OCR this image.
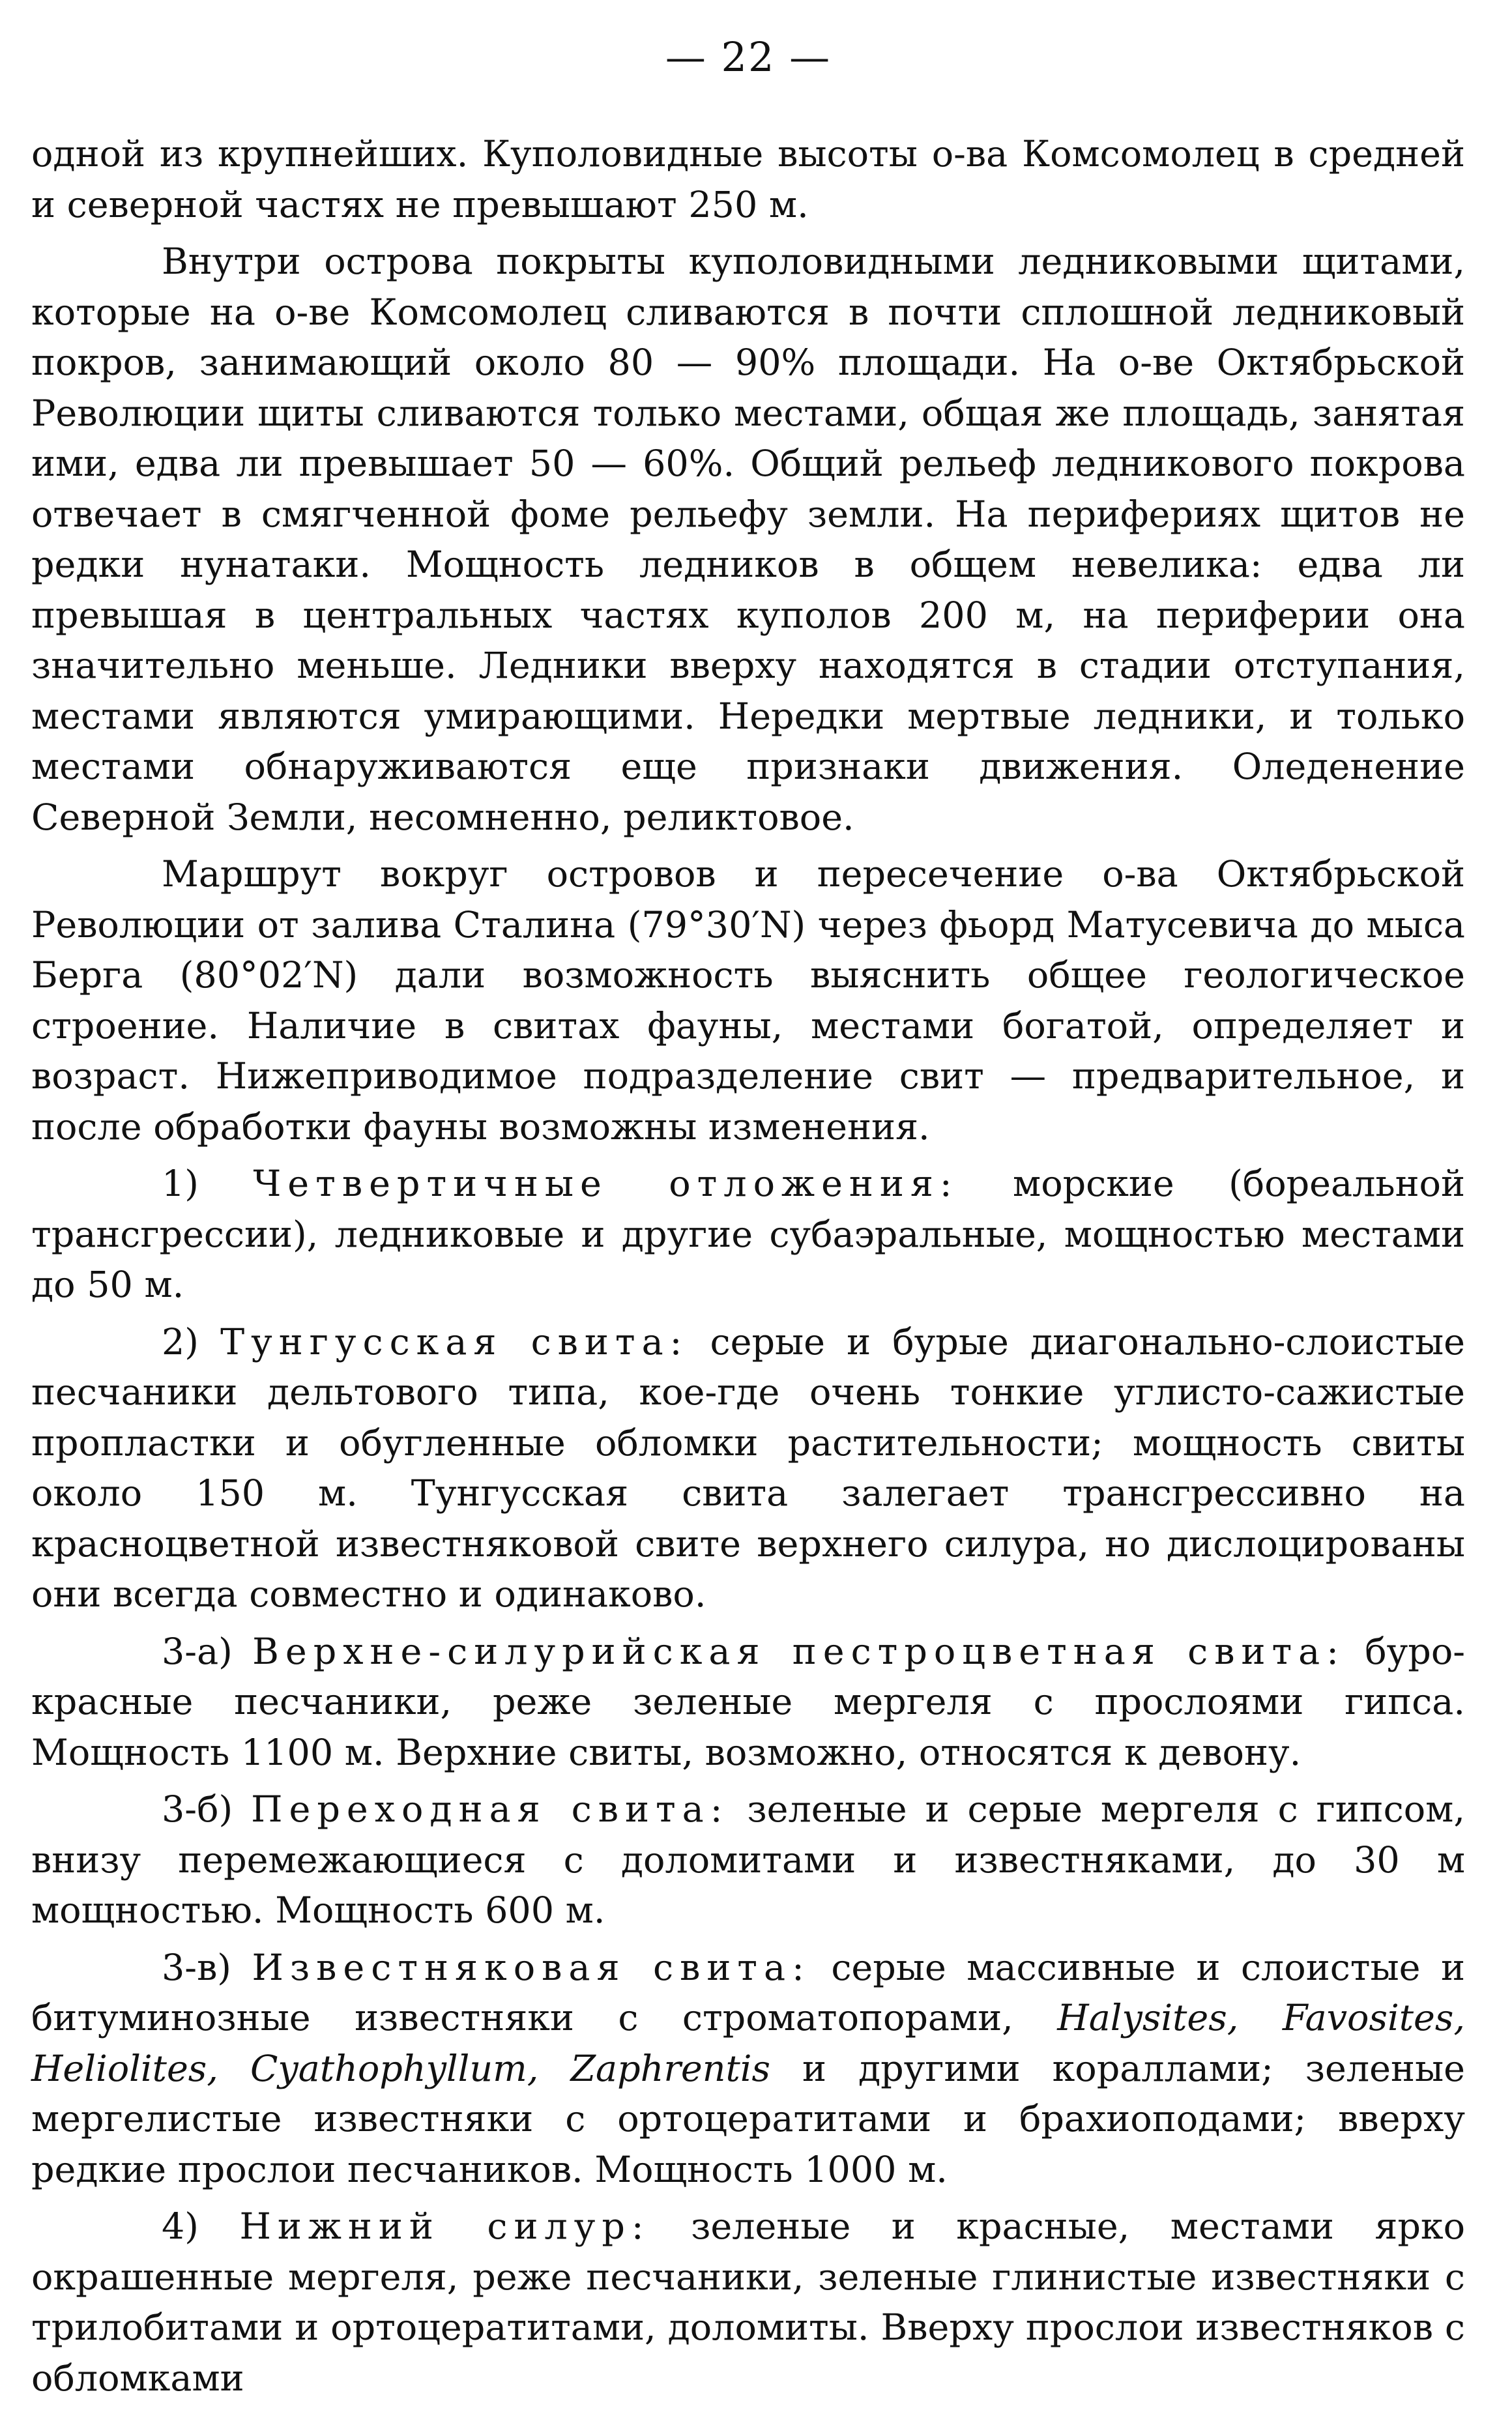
— 22 —

одной из крупнейших. Куполовидные высоты о-ва Комсомолец в средней и северной частях не превышают 250 м.

Внутри острова покрыты куполовидными ледниковыми щитами, которые на о-ве Комсомолец сливаются в почти сплошной ледниковый покров, занимающий около 80 — 90% площади. На о-ве Октябрьской Революции щиты сливаются только местами, общая же площадь, занятая ими, едва ли превышает 50 — 60%. Общий рельеф ледникового покрова отвечает в смягченной фоме рельефу земли. На перифериях щитов не редки нунатаки. Мощность ледников в общем невелика: едва ли превышая в центральных частях куполов 200 м, на периферии она значительно меньше. Ледники вверху находятся в стадии отступания, местами являются умирающими. Нередки мертвые ледники, и только местами обнаруживаются еще признаки движения. Оледенение Северной Земли, несомненно, реликтовое.

Маршрут вокруг островов и пересечение о-ва Октябрьской Революции от залива Сталина (79°30′N) через фьорд Матусевича до мыса Берга (80°02′N) дали возможность выяснить общее геологическое строение. Наличие в свитах фауны, местами богатой, определяет и возраст. Нижеприводимое подразделение свит — предварительное, и после обработки фауны возможны изменения.

1) Четвертичные отложения: морские (бореальной трансгрессии), ледниковые и другие субаэральные, мощностью местами до 50 м.

2) Тунгусская свита: серые и бурые диагонально-слоистые песчаники дельтового типа, кое-где очень тонкие углисто-сажистые пропластки и обугленные обломки растительности; мощность свиты около 150 м. Тунгусская свита залегает трансгрессивно на красноцветной известняковой свите верхнего силура, но дислоцированы они всегда совместно и одинаково.

3-а) Верхне-силурийская пестроцветная свита: буро-красные песчаники, реже зеленые мергеля с прослоями гипса. Мощность 1100 м. Верхние свиты, возможно, относятся к девону.

3-б) Переходная свита: зеленые и серые мергеля с гипсом, внизу перемежающиеся с доломитами и известняками, до 30 м мощностью. Мощность 600 м.

3-в) Известняковая свита: серые массивные и слоистые и битуминозные известняки с строматопорами, Halysites, Favosites, Heliolites, Cyathophyllum, Zaphrentis и другими кораллами; зеленые мергелистые известняки с ортоцератитами и брахиоподами; вверху редкие прослои песчаников. Мощность 1000 м.

4) Нижний силур: зеленые и красные, местами ярко окрашенные мергеля, реже песчаники, зеленые глинистые известняки с трилобитами и ортоцератитами, доломиты. Вверху прослои известняков с обломками
